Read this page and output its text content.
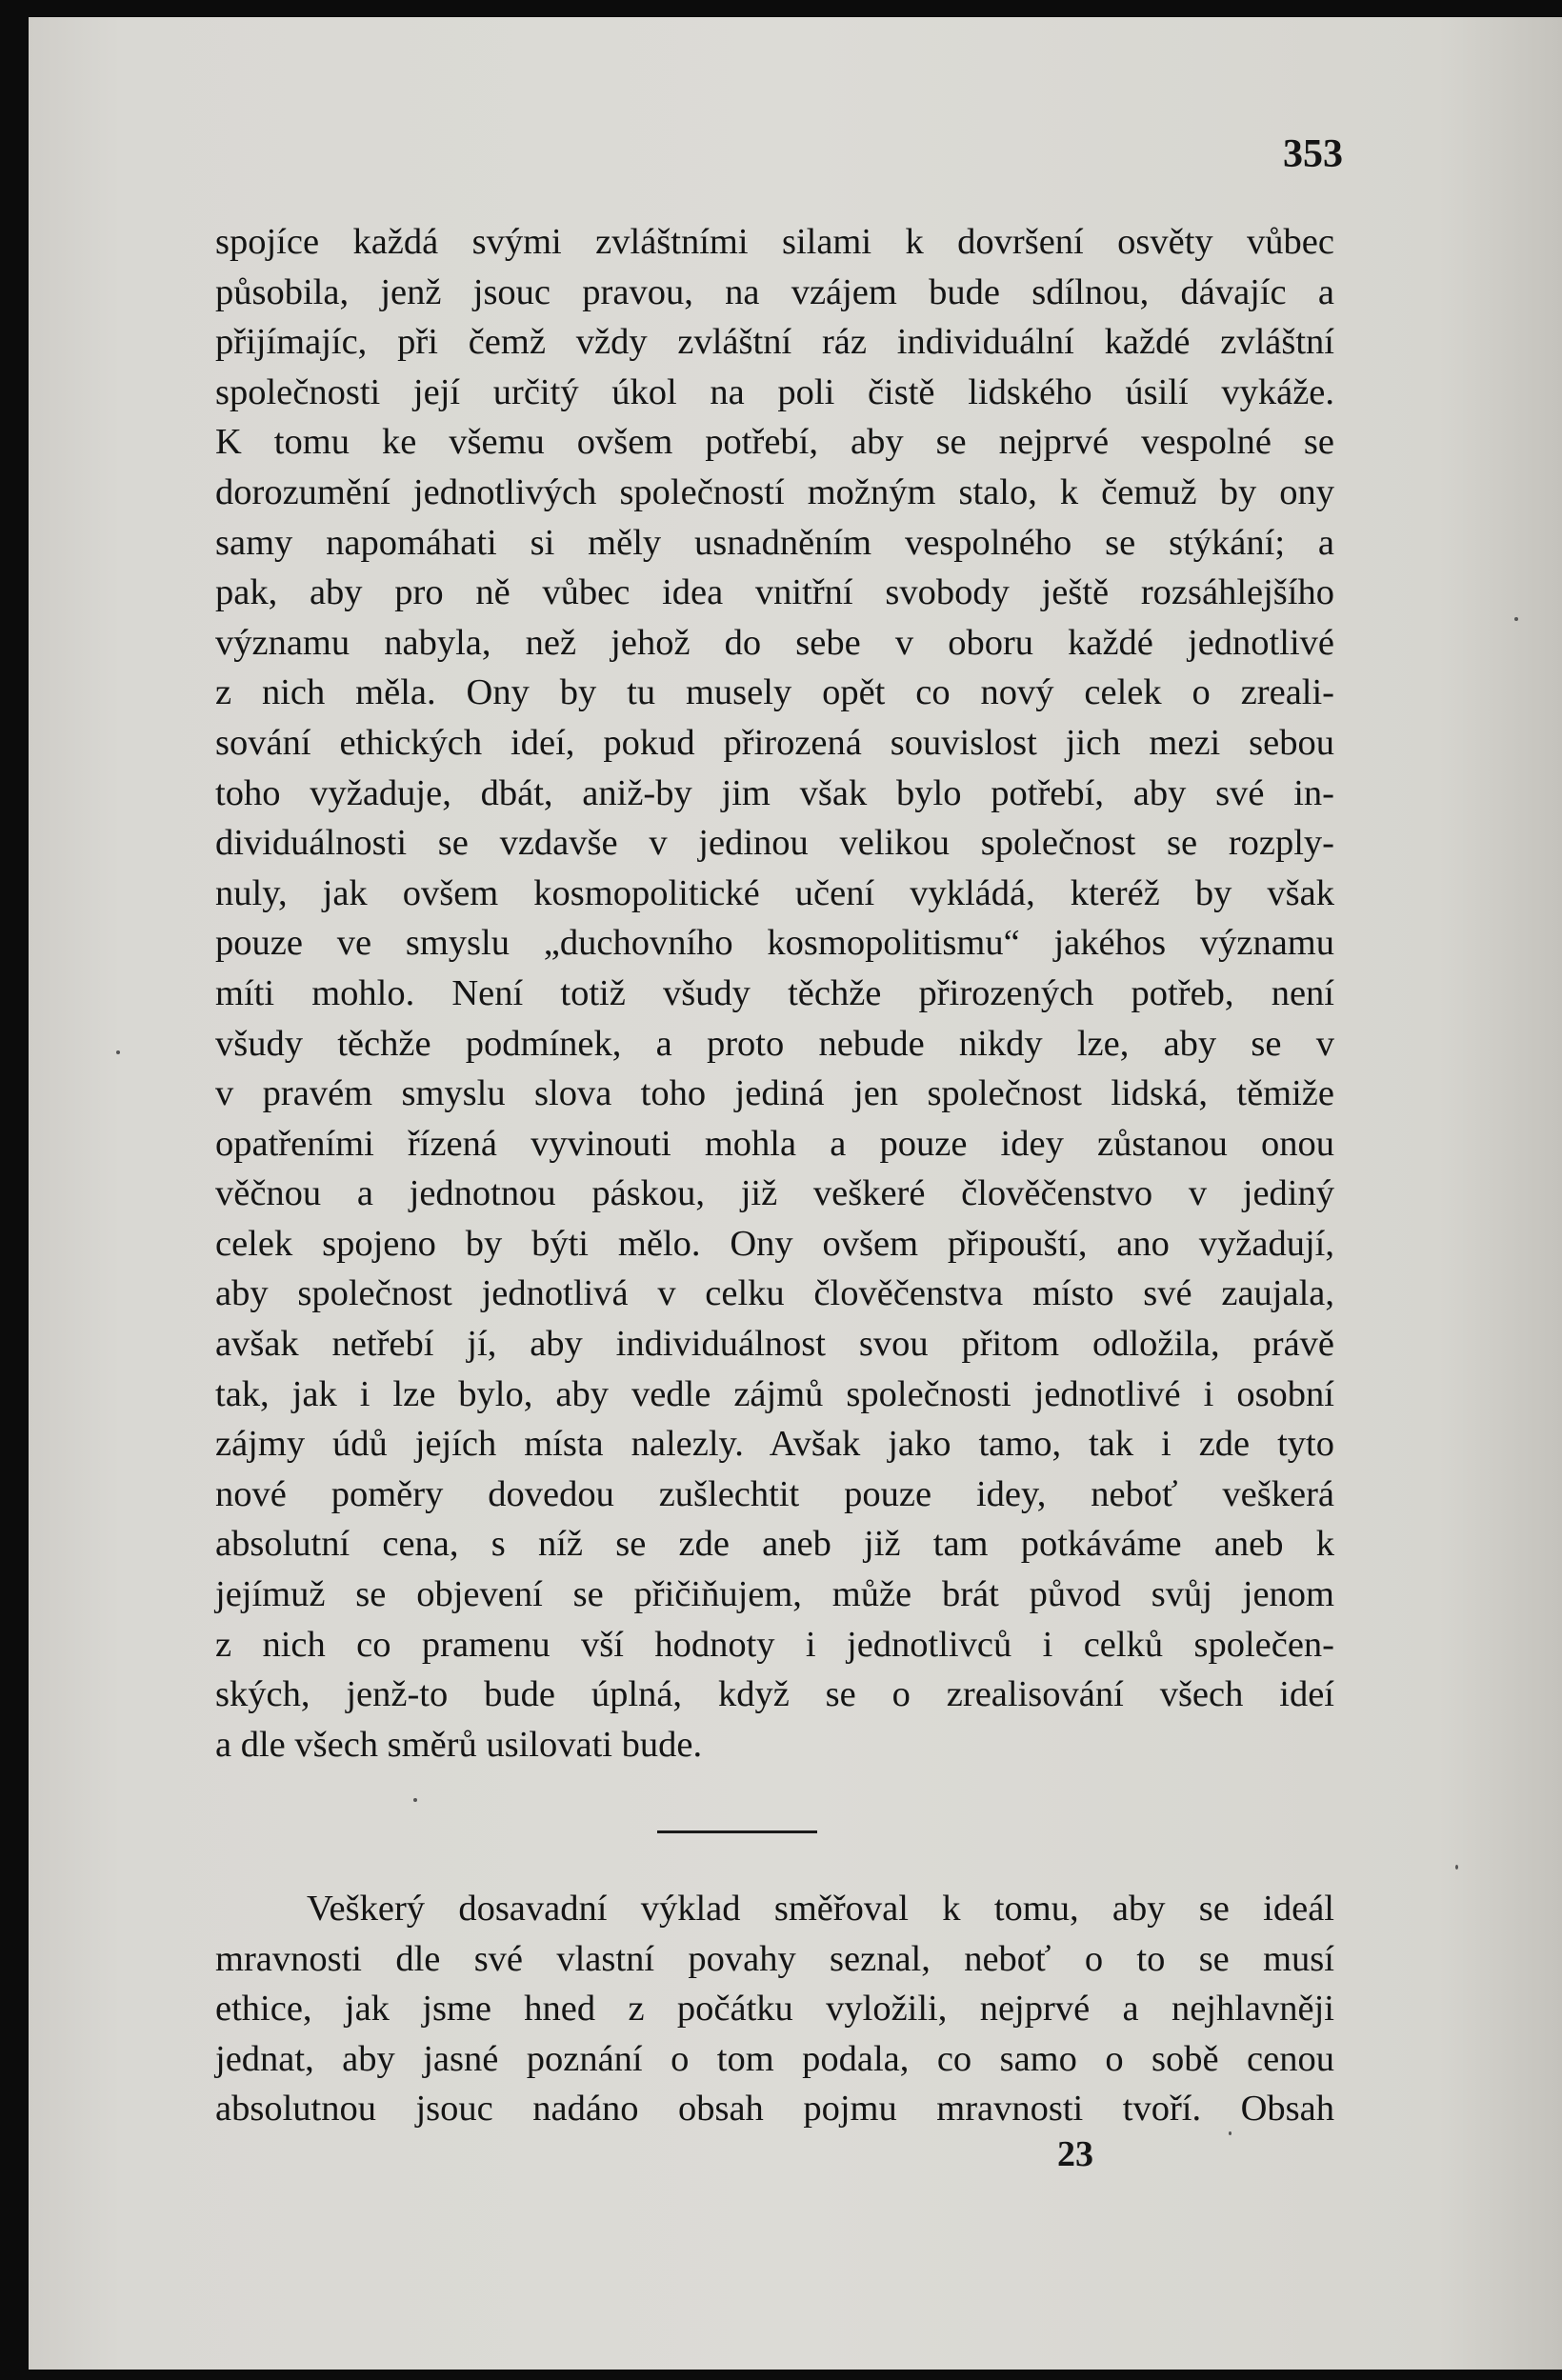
353
spojíce každá svými zvláštními silami k dovršení osvěty vůbec
působila, jenž jsouc pravou, na vzájem bude sdílnou, dávajíc a
přijímajíc, při čemž vždy zvláštní ráz individuální každé zvláštní
společnosti její určitý úkol na poli čistě lidského úsilí vykáže.
K tomu ke všemu ovšem potřebí, aby se nejprvé vespolné se
dorozumění jednotlivých společností možným stalo, k čemuž by ony
samy napomáhati si měly usnadněním vespolného se stýkání; a
pak, aby pro ně vůbec idea vnitřní svobody ještě rozsáhlejšího
významu nabyla, než jehož do sebe v oboru každé jednotlivé
z nich měla. Ony by tu musely opět co nový celek o zreali-
sování ethických ideí, pokud přirozená souvislost jich mezi sebou
toho vyžaduje, dbát, aniž-by jim však bylo potřebí, aby své in-
dividuálnosti se vzdavše v jedinou velikou společnost se rozply-
nuly, jak ovšem kosmopolitické učení vykládá, kteréž by však
pouze ve smyslu „duchovního kosmopolitismu“ jakéhos významu
míti mohlo. Není totiž všudy těchže přirozených potřeb, není
všudy těchže podmínek, a proto nebude nikdy lze, aby se v
v pravém smyslu slova toho jediná jen společnost lidská, těmiže
opatřeními řízená vyvinouti mohla a pouze idey zůstanou onou
věčnou a jednotnou páskou, již veškeré člověčenstvo v jediný
celek spojeno by býti mělo. Ony ovšem připouští, ano vyžadují,
aby společnost jednotlivá v celku člověčenstva místo své zaujala,
avšak netřebí jí, aby individuálnost svou přitom odložila, právě
tak, jak i lze bylo, aby vedle zájmů společnosti jednotlivé i osobní
zájmy údů jejích místa nalezly. Avšak jako tamo, tak i zde tyto
nové poměry dovedou zušlechtit pouze idey, neboť veškerá
absolutní cena, s níž se zde aneb již tam potkáváme aneb k
jejímuž se objevení se přičiňujem, může brát původ svůj jenom
z nich co pramenu vší hodnoty i jednotlivců i celků společen-
ských, jenž-to bude úplná, když se o zrealisování všech ideí
a dle všech směrů usilovati bude.
Veškerý dosavadní výklad směřoval k tomu, aby se ideál
mravnosti dle své vlastní povahy seznal, neboť o to se musí
ethice, jak jsme hned z počátku vyložili, nejprvé a nejhlavněji
jednat, aby jasné poznání o tom podala, co samo o sobě cenou
absolutnou jsouc nadáno obsah pojmu mravnosti tvoří. Obsah
23
